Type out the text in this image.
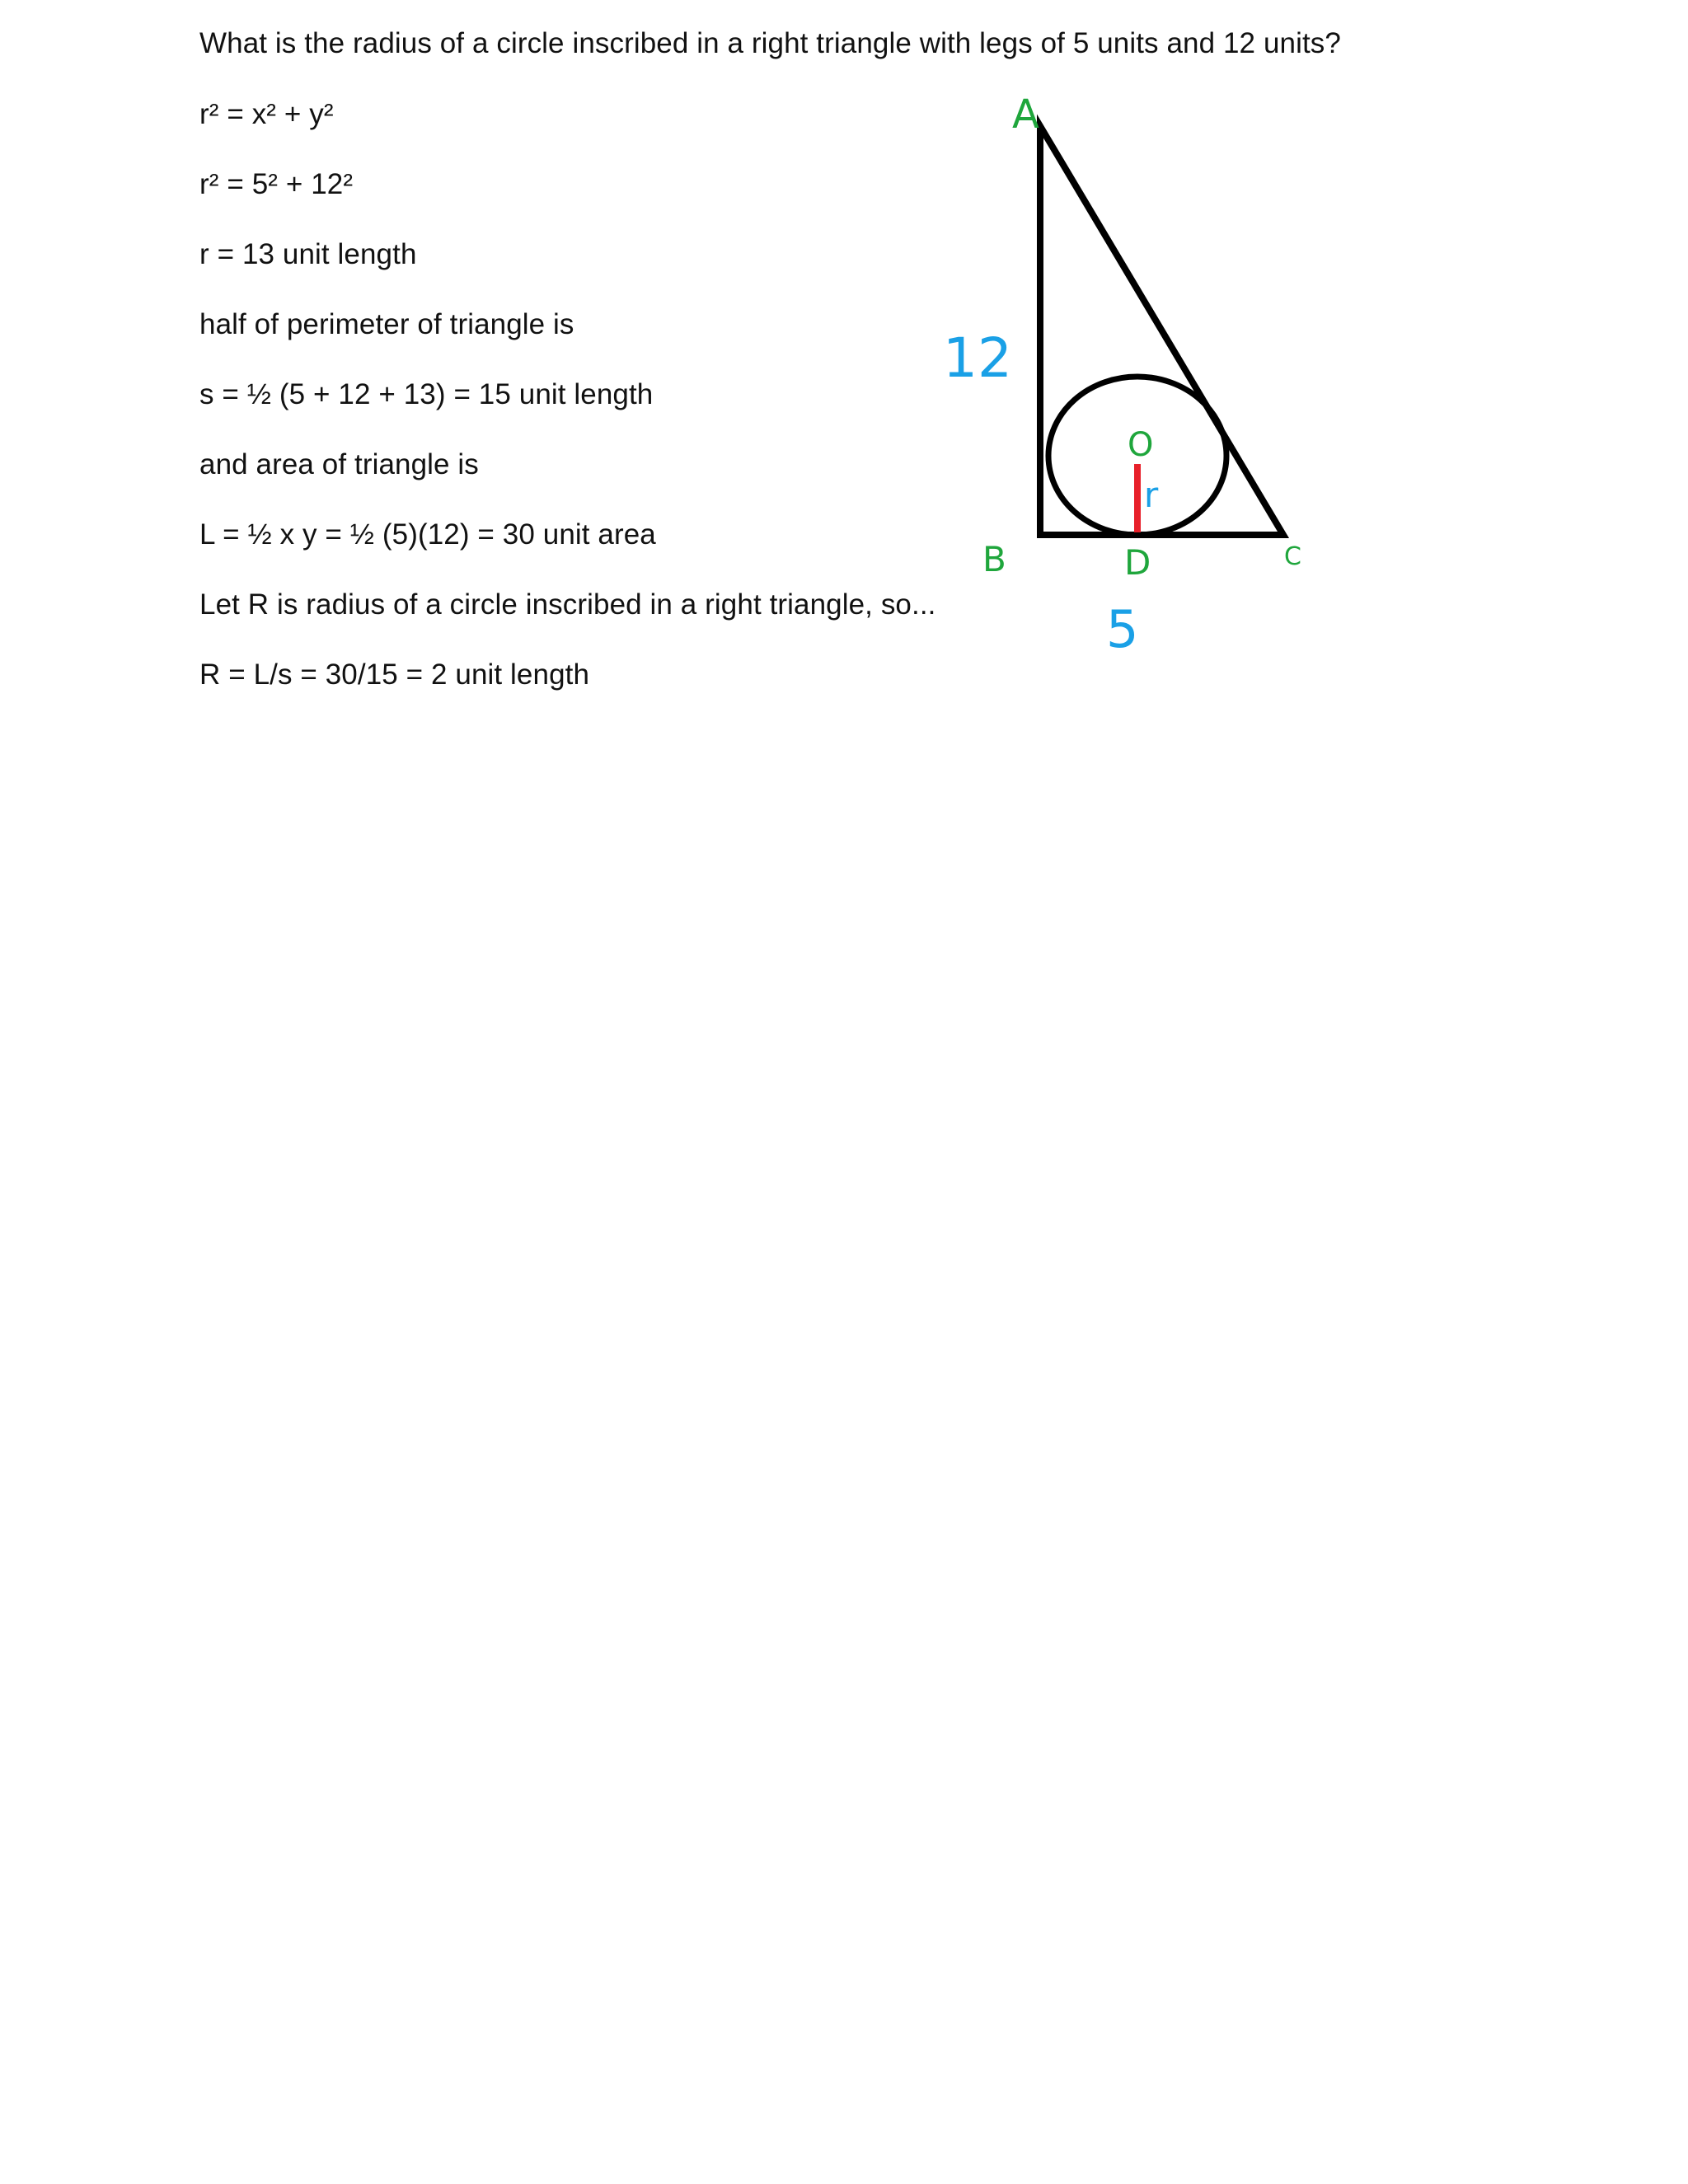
What is the radius of a circle inscribed in a right triangle with legs of 5 units and 12 units?
r² = x² + y²
r² = 5² + 12²
r = 13 unit length
half of perimeter of triangle is
s = ½ (5 + 12 + 13) = 15 unit length
and area of triangle is
L = ½ x y = ½ (5)(12) = 30 unit area
Let R is radius of a circle inscribed in a right triangle, so...
R = L/s = 30/15 = 2 unit length
A
B	C
D
O
r
12
5
